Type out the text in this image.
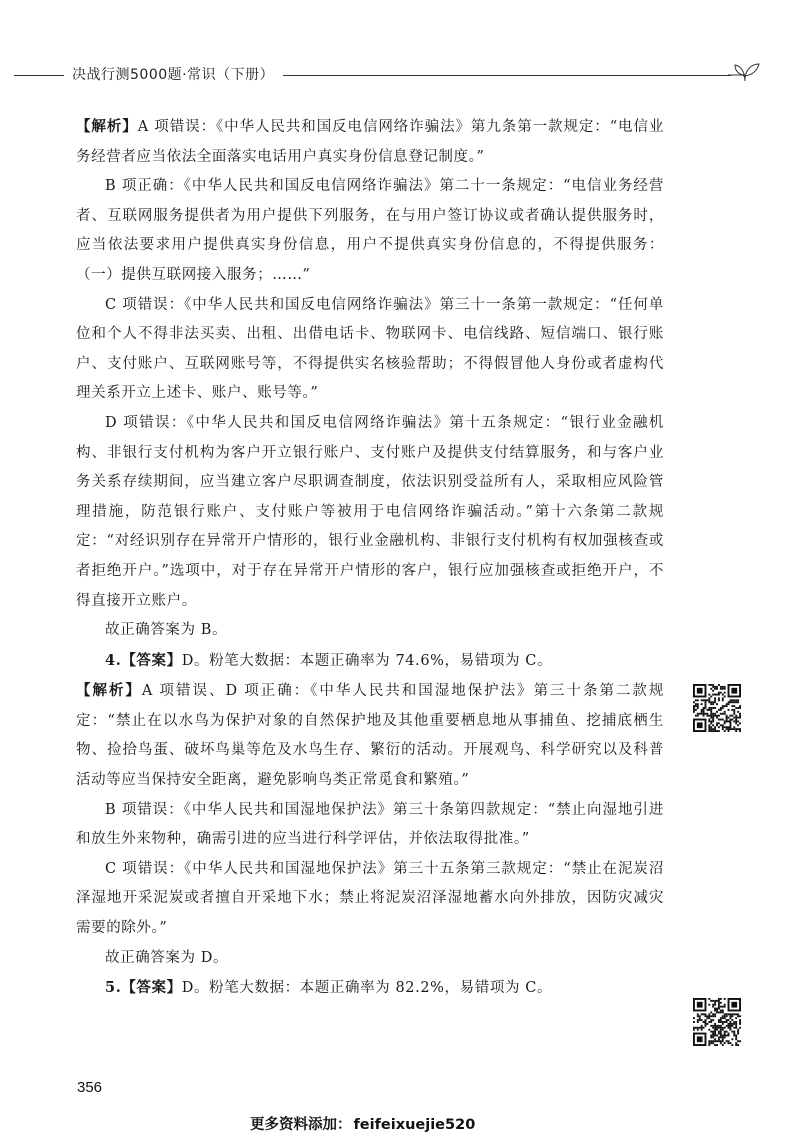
决战行测5000题·常识（下册）

【解析】A 项错误：《中华人民共和国反电信网络诈骗法》第九条第一款规定：“电信业务经营者应当依法全面落实电话用户真实身份信息登记制度。”

B 项正确：《中华人民共和国反电信网络诈骗法》第二十一条规定：“电信业务经营者、互联网服务提供者为用户提供下列服务，在与用户签订协议或者确认提供服务时，应当依法要求用户提供真实身份信息，用户不提供真实身份信息的，不得提供服务：（一）提供互联网接入服务；……”

C 项错误：《中华人民共和国反电信网络诈骗法》第三十一条第一款规定：“任何单位和个人不得非法买卖、出租、出借电话卡、物联网卡、电信线路、短信端口、银行账户、支付账户、互联网账号等，不得提供实名核验帮助；不得假冒他人身份或者虚构代理关系开立上述卡、账户、账号等。”

D 项错误：《中华人民共和国反电信网络诈骗法》第十五条规定：“银行业金融机构、非银行支付机构为客户开立银行账户、支付账户及提供支付结算服务，和与客户业务关系存续期间，应当建立客户尽职调查制度，依法识别受益所有人，采取相应风险管理措施，防范银行账户、支付账户等被用于电信网络诈骗活动。”第十六条第二款规定：“对经识别存在异常开户情形的，银行业金融机构、非银行支付机构有权加强核查或者拒绝开户。”选项中，对于存在异常开户情形的客户，银行应加强核查或拒绝开户，不得直接开立账户。

故正确答案为 B。

4.【答案】D。粉笔大数据：本题正确率为 74.6%，易错项为 C。

【解析】A 项错误、D 项正确：《中华人民共和国湿地保护法》第三十条第二款规定：“禁止在以水鸟为保护对象的自然保护地及其他重要栖息地从事捕鱼、挖捕底栖生物、捡拾鸟蛋、破坏鸟巢等危及水鸟生存、繁衍的活动。开展观鸟、科学研究以及科普活动等应当保持安全距离，避免影响鸟类正常觅食和繁殖。”

B 项错误：《中华人民共和国湿地保护法》第三十条第四款规定：“禁止向湿地引进和放生外来物种，确需引进的应当进行科学评估，并依法取得批准。”

C 项错误：《中华人民共和国湿地保护法》第三十五条第三款规定：“禁止在泥炭沼泽湿地开采泥炭或者擅自开采地下水；禁止将泥炭沼泽湿地蓄水向外排放，因防灾减灾需要的除外。”

故正确答案为 D。

5.【答案】D。粉笔大数据：本题正确率为 82.2%，易错项为 C。

356
更多资料添加： feifeixuejie520
